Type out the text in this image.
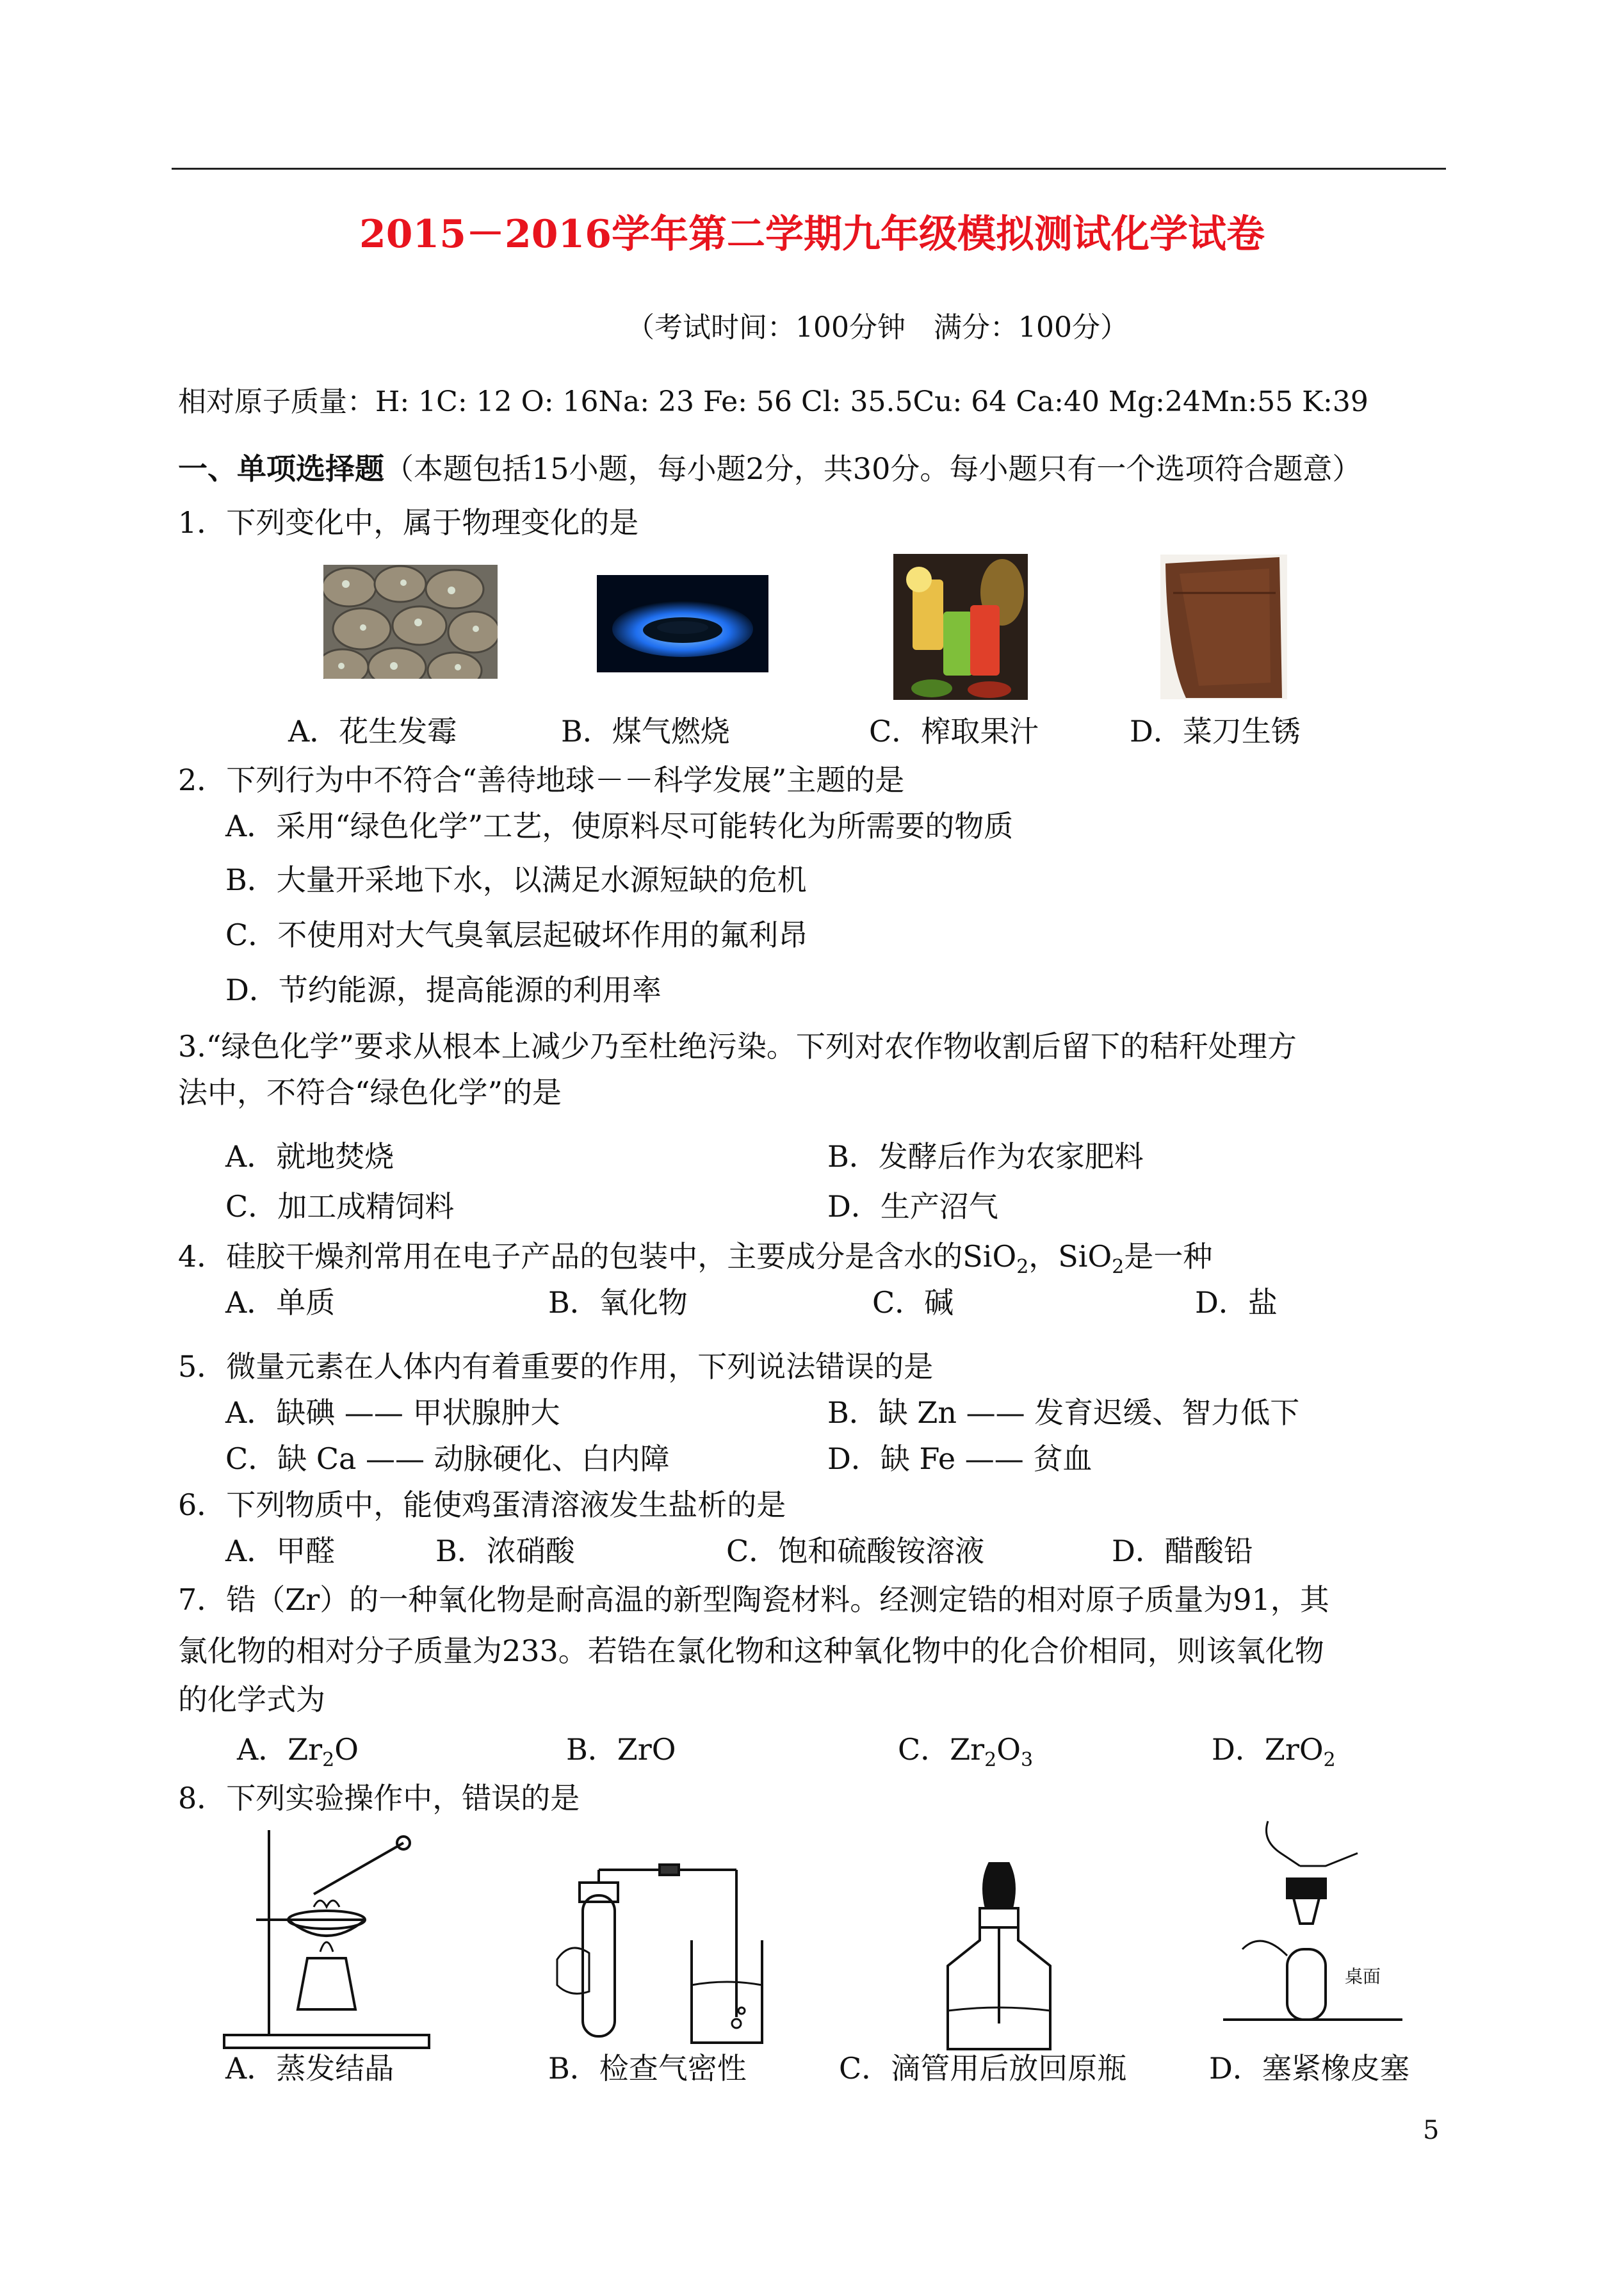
2015－2016学年第二学期九年级模拟测试化学试卷
（考试时间：100分钟　满分：100分）
相对原子质量：H: 1C: 12 O: 16Na: 23 Fe: 56 Cl: 35.5Cu: 64 Ca:40 Mg:24Mn:55 K:39
一、单项选择题（本题包括15小题，每小题2分，共30分。每小题只有一个选项符合题意）
1．下列变化中，属于物理变化的是
A．花生发霉	B．煤气燃烧	C．榨取果汁	D．菜刀生锈
2．下列行为中不符合“善待地球－－科学发展”主题的是
A．采用“绿色化学”工艺，使原料尽可能转化为所需要的物质
B．大量开采地下水，以满足水源短缺的危机
C．不使用对大气臭氧层起破坏作用的氟利昂
D．节约能源，提高能源的利用率
3.“绿色化学”要求从根本上减少乃至杜绝污染。下列对农作物收割后留下的秸秆处理方
法中，不符合“绿色化学”的是
A．就地焚烧	B．发酵后作为农家肥料
C．加工成精饲料	D．生产沼气
4．硅胶干燥剂常用在电子产品的包装中，主要成分是含水的SiO$_2$，SiO$_2$是一种
A．单质	B．氧化物	C．碱	D．盐
5．微量元素在人体内有着重要的作用，下列说法错误的是
A．缺碘 —— 甲状腺肿大	B．缺 Zn —— 发育迟缓、智力低下
C．缺 Ca —— 动脉硬化、白内障	D．缺 Fe —— 贫血
6．下列物质中，能使鸡蛋清溶液发生盐析的是
A．甲醛	B．浓硝酸	C．饱和硫酸铵溶液	D．醋酸铅
7．锆（Zr）的一种氧化物是耐高温的新型陶瓷材料。经测定锆的相对原子质量为91，其
氯化物的相对分子质量为233。若锆在氯化物和这种氧化物中的化合价相同，则该氧化物
的化学式为
A．$Zr_2O$	B．ZrO	C．$Zr_2O_3$	D．ZrO$_2$
8．下列实验操作中，错误的是
桌面
A．蒸发结晶	B．检查气密性	C．滴管用后放回原瓶	D．塞紧橡皮塞
5
